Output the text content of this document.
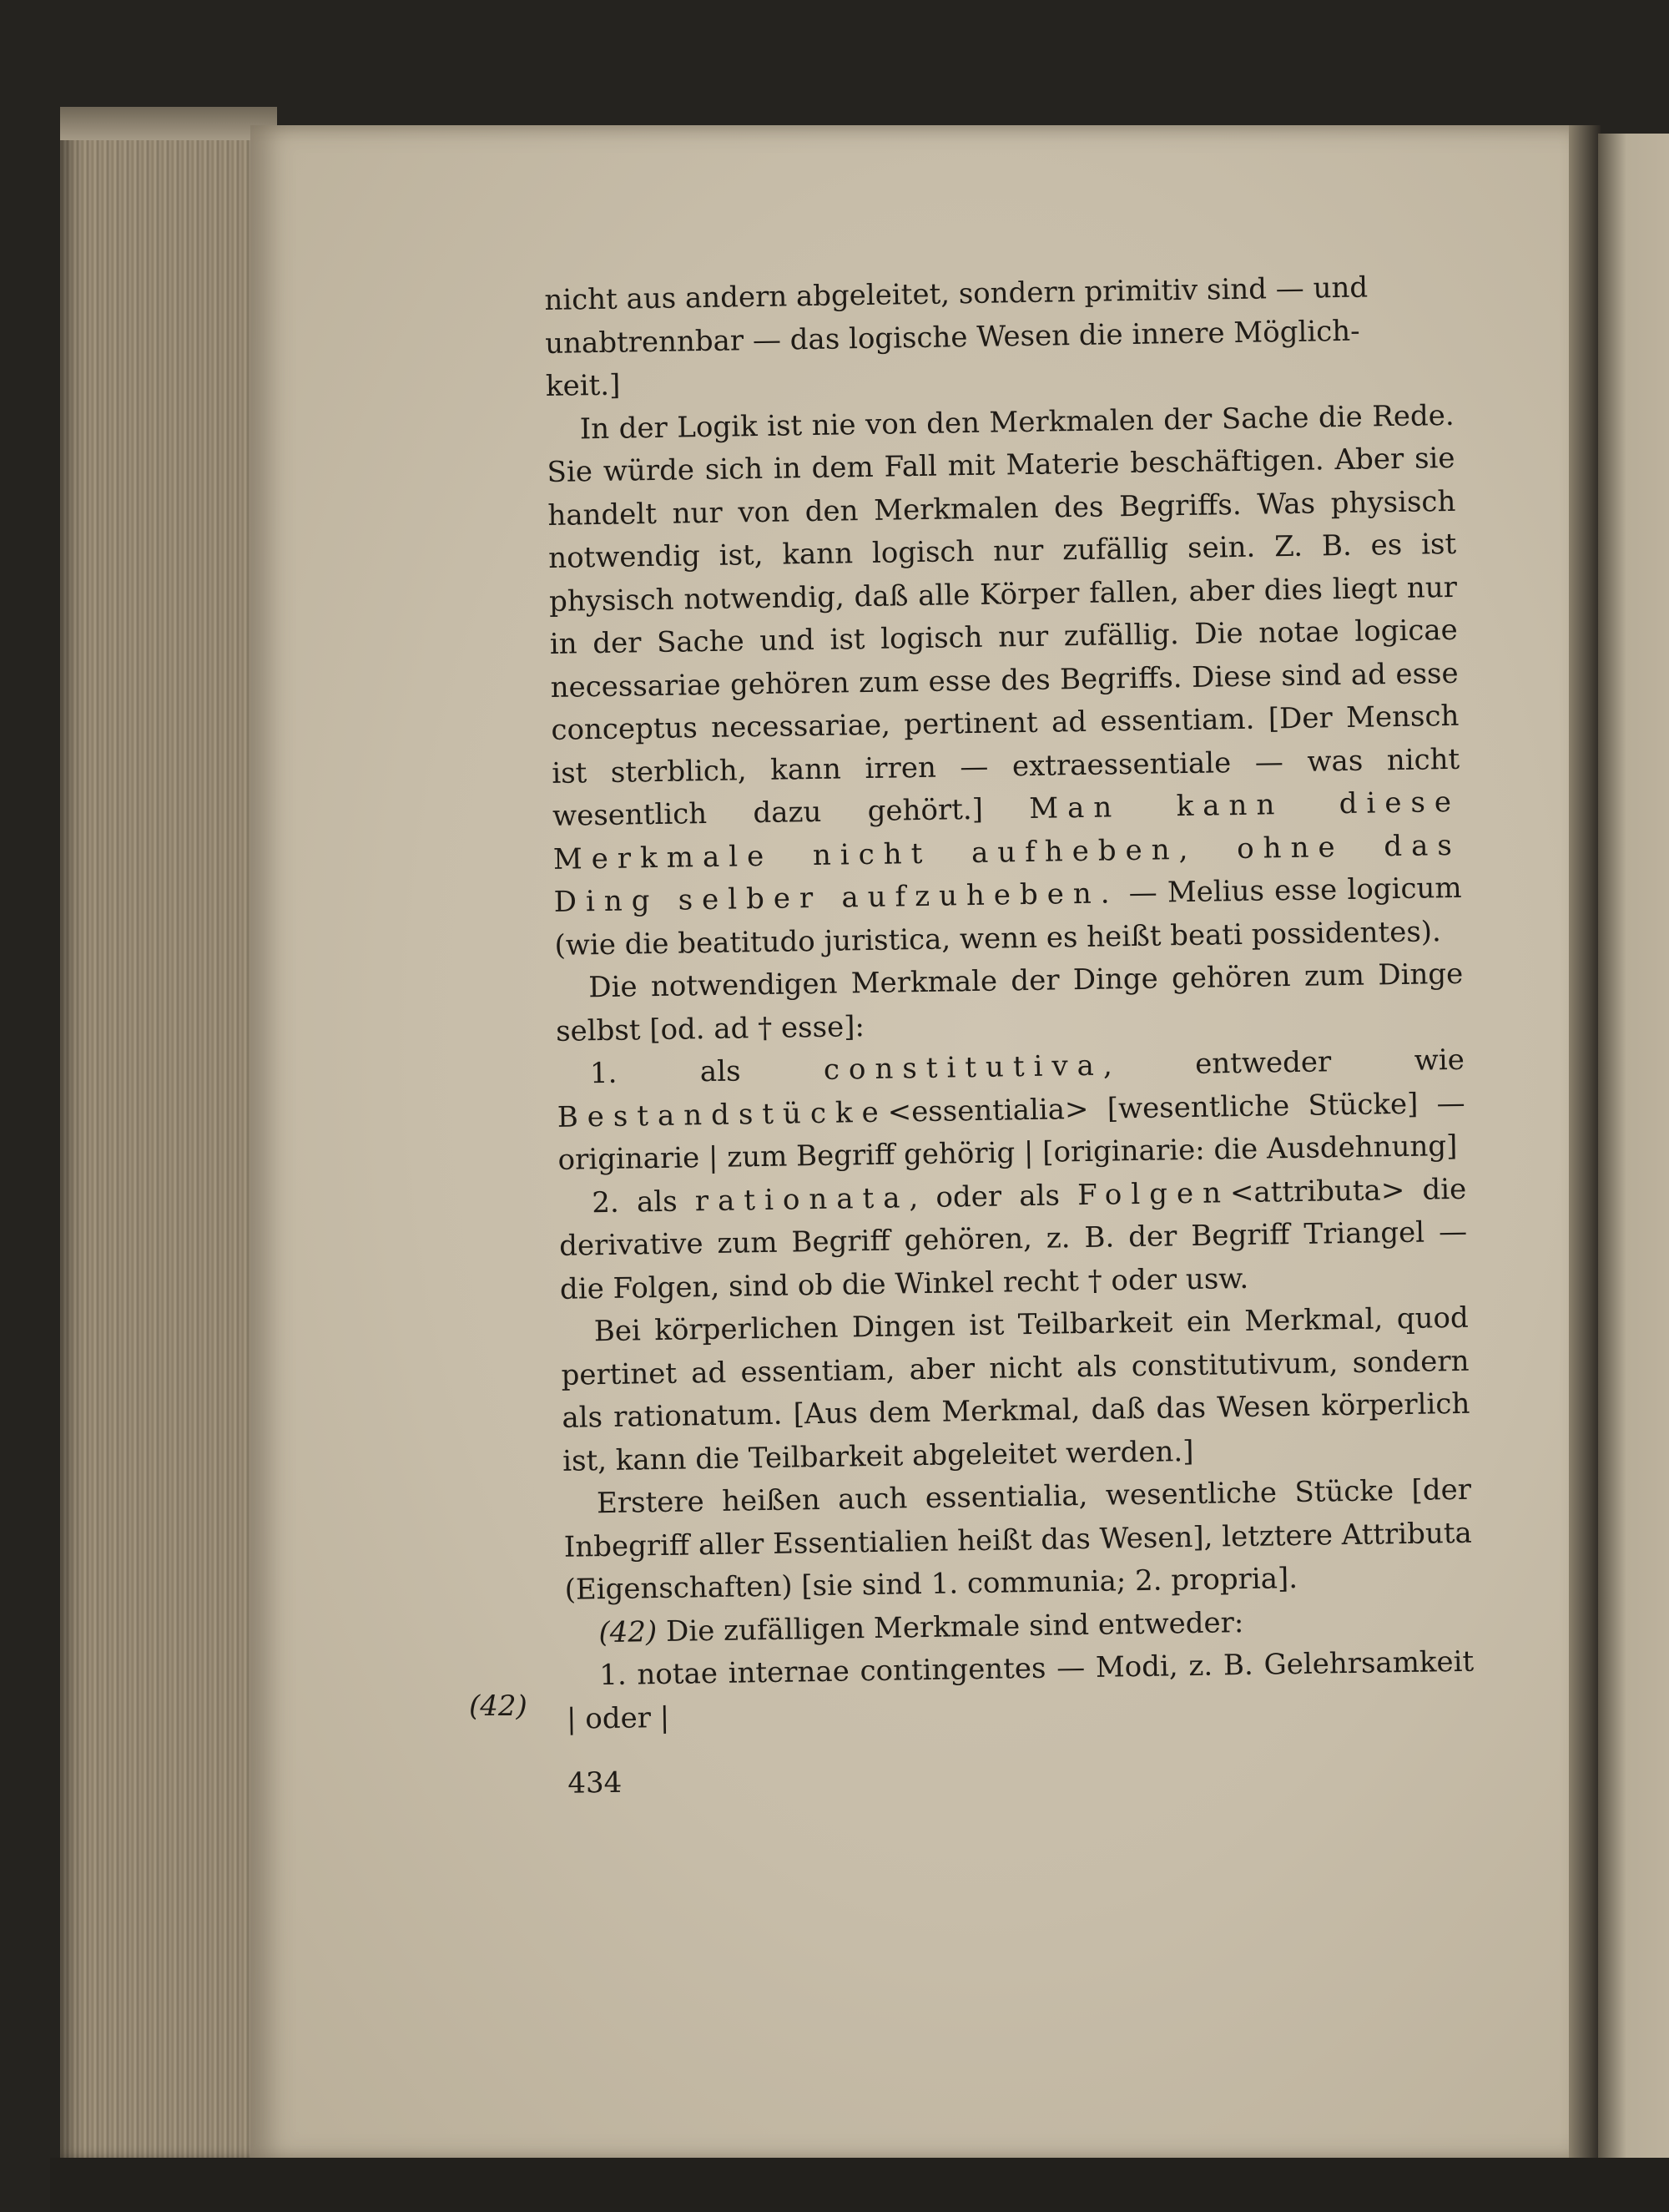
(42)

nicht aus andern abgeleitet, sondern primitiv sind — und
unabtrennbar — das logische Wesen die innere Möglich-
keit.]

In der Logik ist nie von den Merkmalen der Sache die Rede. Sie würde sich in dem Fall mit Materie beschäftigen. Aber sie handelt nur von den Merkmalen des Begriffs. Was physisch notwendig ist, kann logisch nur zufällig sein. Z. B. es ist physisch notwendig, daß alle Körper fallen, aber dies liegt nur in der Sache und ist logisch nur zufällig. Die notae logicae necessariae gehören zum esse des Begriffs. Diese sind ad esse conceptus necessariae, pertinent ad essentiam. [Der Mensch ist sterblich, kann irren — extraessentiale — was nicht wesentlich dazu gehört.] Man kann diese Merkmale nicht aufheben, ohne das Ding selber aufzuheben. — Melius esse logicum (wie die beatitudo juristica, wenn es heißt beati possidentes).

Die notwendigen Merkmale der Dinge gehören zum Dinge selbst [od. ad † esse]:

1. als	constitutiva, entweder wie Bestandstücke<essentialia> [wesentliche Stücke] — originarie | zum Begriff gehörig | [originarie: die Ausdehnung]

2. als rationata, oder als Folgen<attributa> die derivative zum Begriff gehören, z. B. der Begriff Triangel — die Folgen, sind ob die Winkel recht † oder usw.

Bei körperlichen Dingen ist Teilbarkeit ein Merkmal, quod pertinet ad essentiam, aber nicht als constitutivum, sondern als rationatum. [Aus dem Merkmal, daß das Wesen körperlich ist, kann die Teilbarkeit abgeleitet werden.]

Erstere heißen auch essentialia, wesentliche Stücke [der Inbegriff aller Essentialien heißt das Wesen], letztere Attributa (Eigenschaften) [sie sind 1. communia; 2. propria].

(42) Die zufälligen Merkmale sind entweder:

1. notae internae contingentes — Modi, z. B. Gelehrsamkeit | oder |

434
